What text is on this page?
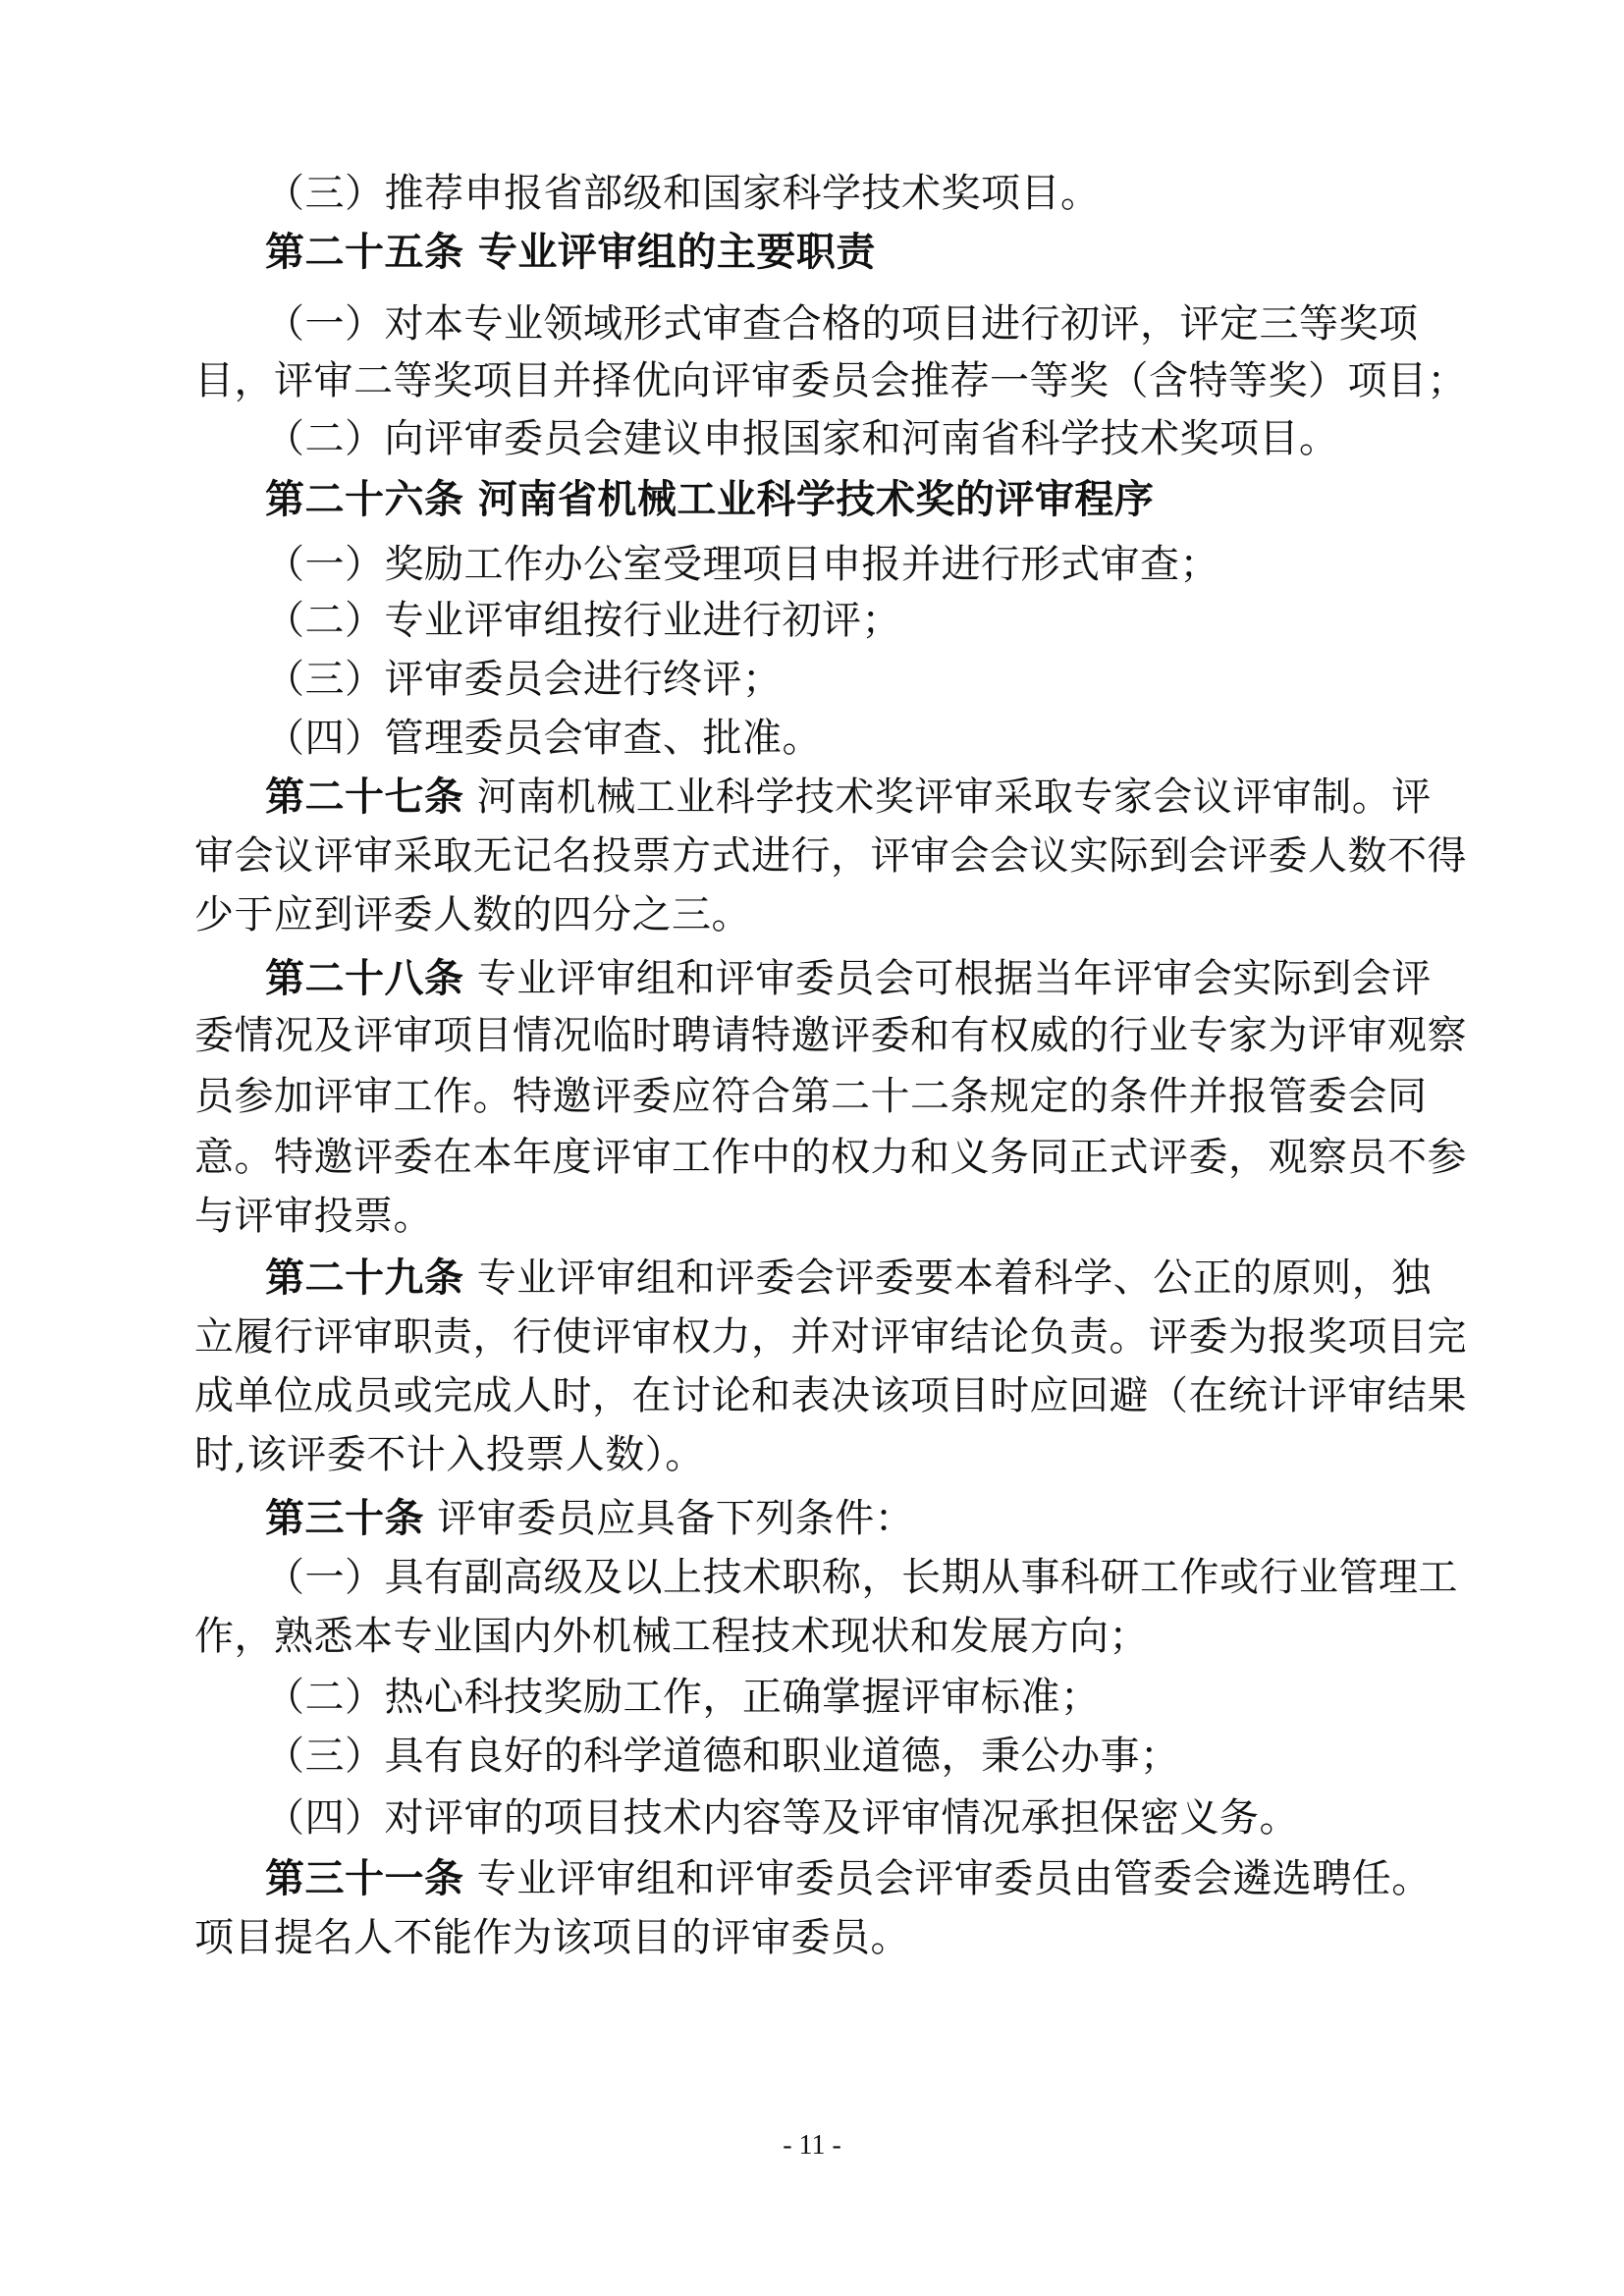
（三）推荐申报省部级和国家科学技术奖项目。
第二十五条 专业评审组的主要职责
（一）对本专业领域形式审查合格的项目进行初评，评定三等奖项
目，评审二等奖项目并择优向评审委员会推荐一等奖（含特等奖）项目；
（二）向评审委员会建议申报国家和河南省科学技术奖项目。
第二十六条 河南省机械工业科学技术奖的评审程序
（一）奖励工作办公室受理项目申报并进行形式审查；
（二）专业评审组按行业进行初评；
（三）评审委员会进行终评；
（四）管理委员会审查、批准。
第二十七条 河南机械工业科学技术奖评审采取专家会议评审制。评
审会议评审采取无记名投票方式进行，评审会会议实际到会评委人数不得
少于应到评委人数的四分之三。
第二十八条 专业评审组和评审委员会可根据当年评审会实际到会评
委情况及评审项目情况临时聘请特邀评委和有权威的行业专家为评审观察
员参加评审工作。特邀评委应符合第二十二条规定的条件并报管委会同
意。特邀评委在本年度评审工作中的权力和义务同正式评委，观察员不参
与评审投票。
第二十九条 专业评审组和评委会评委要本着科学、公正的原则，独
立履行评审职责，行使评审权力，并对评审结论负责。评委为报奖项目完
成单位成员或完成人时，在讨论和表决该项目时应回避（在统计评审结果
时,该评委不计入投票人数）。
第三十条 评审委员应具备下列条件：
（一）具有副高级及以上技术职称，长期从事科研工作或行业管理工
作，熟悉本专业国内外机械工程技术现状和发展方向；
（二）热心科技奖励工作，正确掌握评审标准；
（三）具有良好的科学道德和职业道德，秉公办事；
（四）对评审的项目技术内容等及评审情况承担保密义务。
第三十一条 专业评审组和评审委员会评审委员由管委会遴选聘任。
项目提名人不能作为该项目的评审委员。
- 11 -
